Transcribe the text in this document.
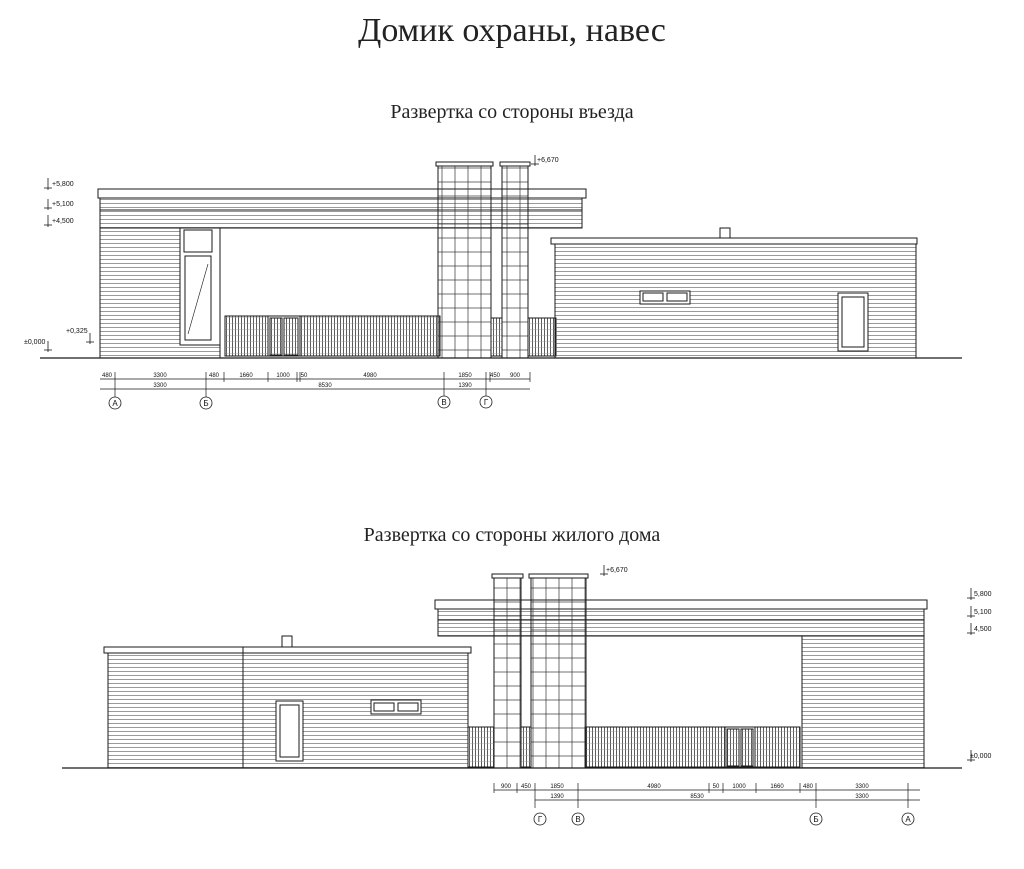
Домик охраны, навес
Развертка со стороны въезда
Развертка со стороны жилого дома
+5,800
+5,100
+4,500
+0,325
±0,000
+6,670
480	3300	480	1660	1000 50	4980	1850	450 900
3300	8530	1390
А	Б	В	Г
+6,670
5,800
5,100
4,500
±0,000
900 450	1850	4980	50 1000	1660	480	3300
1390	8530	3300
Г	В	Б	А
